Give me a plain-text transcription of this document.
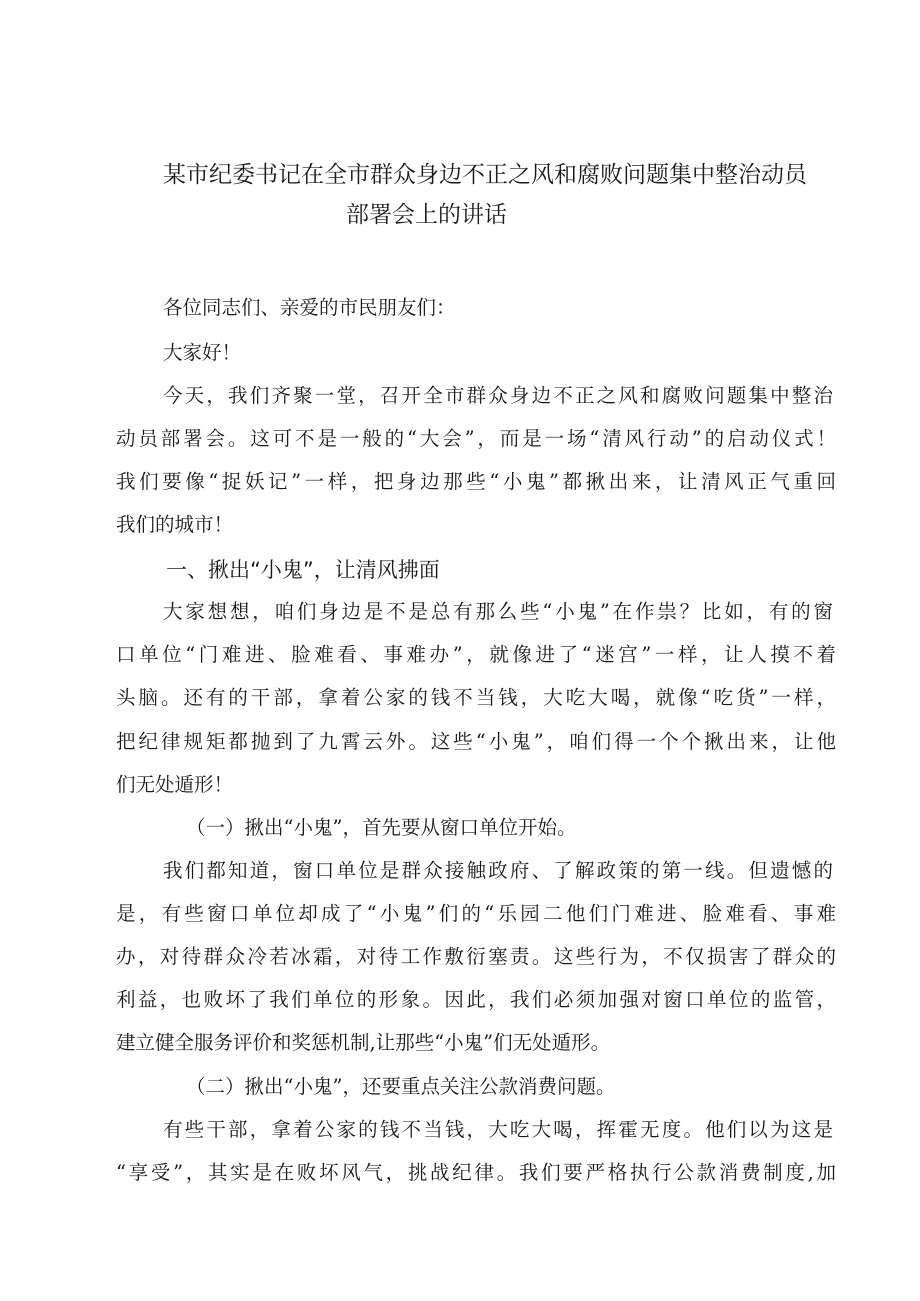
某市纪委书记在全市群众身边不正之风和腐败问题集中整治动员
部署会上的讲话
各位同志们、亲爱的市民朋友们：
大家好！
今天，我们齐聚一堂，召开全市群众身边不正之风和腐败问题集中整治
动员部署会。这可不是一般的“大会”，而是一场“清风行动”的启动仪式！
我们要像“捉妖记”一样，把身边那些“小鬼”都揪出来，让清风正气重回
我们的城市！
一、揪出“小鬼”，让清风拂面
大家想想，咱们身边是不是总有那么些“小鬼”在作祟？比如，有的窗
口单位“门难进、脸难看、事难办”，就像进了“迷宫”一样，让人摸不着
头脑。还有的干部，拿着公家的钱不当钱，大吃大喝，就像“吃货”一样，
把纪律规矩都抛到了九霄云外。这些“小鬼”，咱们得一个个揪出来，让他
们无处遁形！
（一）揪出“小鬼”，首先要从窗口单位开始。
我们都知道，窗口单位是群众接触政府、了解政策的第一线。但遗憾的
是，有些窗口单位却成了“小鬼”们的“乐园二他们门难进、脸难看、事难
办，对待群众冷若冰霜，对待工作敷衍塞责。这些行为，不仅损害了群众的
利益，也败坏了我们单位的形象。因此，我们必须加强对窗口单位的监管，
建立健全服务评价和奖惩机制,让那些“小鬼”们无处遁形。
（二）揪出“小鬼”，还要重点关注公款消费问题。
有些干部，拿着公家的钱不当钱，大吃大喝，挥霍无度。他们以为这是
“享受”，其实是在败坏风气，挑战纪律。我们要严格执行公款消费制度,加
